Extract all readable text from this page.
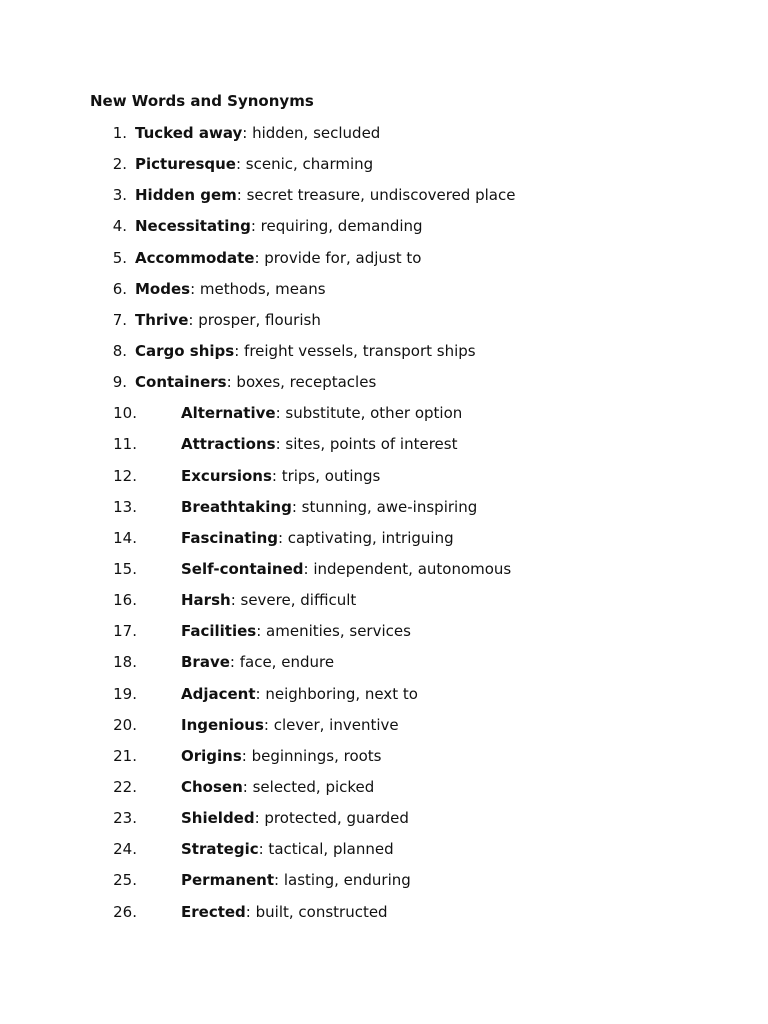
New Words and Synonyms
1. Tucked away: hidden, secluded
2. Picturesque: scenic, charming
3. Hidden gem: secret treasure, undiscovered place
4. Necessitating: requiring, demanding
5. Accommodate: provide for, adjust to
6. Modes: methods, means
7. Thrive: prosper, flourish
8. Cargo ships: freight vessels, transport ships
9. Containers: boxes, receptacles
10.	Alternative: substitute, other option
11.	Attractions: sites, points of interest
12.	Excursions: trips, outings
13.	Breathtaking: stunning, awe-inspiring
14.	Fascinating: captivating, intriguing
15.	Self-contained: independent, autonomous
16.	Harsh: severe, difficult
17.	Facilities: amenities, services
18.	Brave: face, endure
19.	Adjacent: neighboring, next to
20.	Ingenious: clever, inventive
21.	Origins: beginnings, roots
22.	Chosen: selected, picked
23.	Shielded: protected, guarded
24.	Strategic: tactical, planned
25.	Permanent: lasting, enduring
26.	Erected: built, constructed
